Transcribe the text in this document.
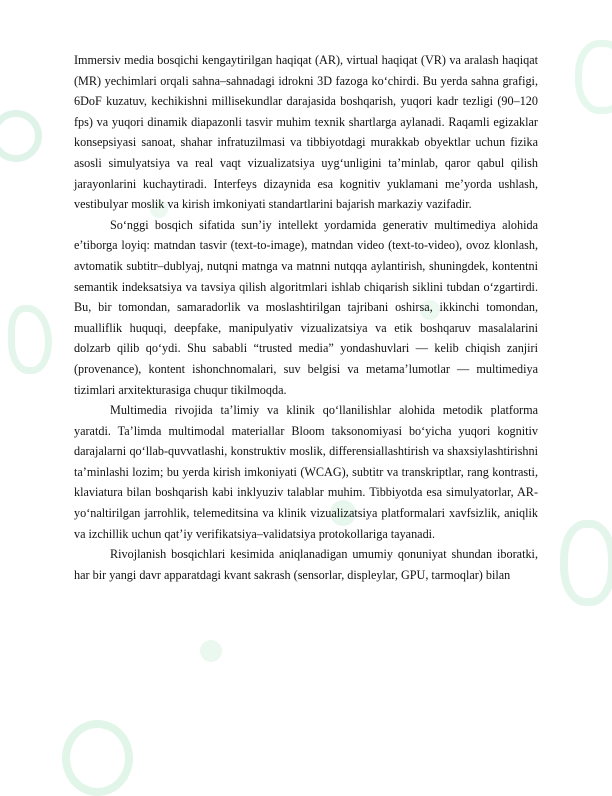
Immersiv media bosqichi kengaytirilgan haqiqat (AR), virtual haqiqat (VR) va aralash haqiqat (MR) yechimlari orqali sahna–sahnadagi idrokni 3D fazoga ko‘chirdi. Bu yerda sahna grafigi, 6DoF kuzatuv, kechikishni millisekundlar darajasida boshqarish, yuqori kadr tezligi (90–120 fps) va yuqori dinamik diapazonli tasvir muhim texnik shartlarga aylanadi. Raqamli egizaklar konsepsiyasi sanoat, shahar infratuzilmasi va tibbiyotdagi murakkab obyektlar uchun fizika asosli simulyatsiya va real vaqt vizualizatsiya uyg‘unligini ta’minlab, qaror qabul qilish jarayonlarini kuchaytiradi. Interfeys dizaynida esa kognitiv yuklamani me’yorda ushlash, vestibulyar moslik va kirish imkoniyati standartlarini bajarish markaziy vazifadir.

So‘nggi bosqich sifatida sun’iy intellekt yordamida generativ multimediya alohida e’tiborga loyiq: matndan tasvir (text-to-image), matndan video (text-to-video), ovoz klonlash, avtomatik subtitr–dublyaj, nutqni matnga va matnni nutqqa aylantirish, shuningdek, kontentni semantik indeksatsiya va tavsiya qilish algoritmlari ishlab chiqarish siklini tubdan o‘zgartirdi. Bu, bir tomondan, samaradorlik va moslashtirilgan tajribani oshirsa, ikkinchi tomondan, mualliflik huquqi, deepfake, manipulyativ vizualizatsiya va etik boshqaruv masalalarini dolzarb qilib qo‘ydi. Shu sababli “trusted media” yondashuvlari — kelib chiqish zanjiri (provenance), kontent ishonchnomalari, suv belgisi va metama’lumotlar — multimediya tizimlari arxitekturasiga chuqur tikilmoqda.

Multimedia rivojida ta’limiy va klinik qo‘llanilishlar alohida metodik platforma yaratdi. Ta’limda multimodal materiallar Bloom taksonomiyasi bo‘yicha yuqori kognitiv darajalarni qo‘llab-quvvatlashi, konstruktiv moslik, differensiallashtirish va shaxsiylashtirishni ta’minlashi lozim; bu yerda kirish imkoniyati (WCAG), subtitr va transkriptlar, rang kontrasti, klaviatura bilan boshqarish kabi inklyuziv talablar muhim. Tibbiyotda esa simulyatorlar, AR-yo‘naltirilgan jarrohlik, telemeditsina va klinik vizualizatsiya platformalari xavfsizlik, aniqlik va izchillik uchun qat’iy verifikatsiya–validatsiya protokollariga tayanadi.

Rivojlanish bosqichlari kesimida aniqlanadigan umumiy qonuniyat shundan iboratki, har bir yangi davr apparatdagi kvant sakrash (sensorlar, displeylar, GPU, tarmoqlar) bilan
